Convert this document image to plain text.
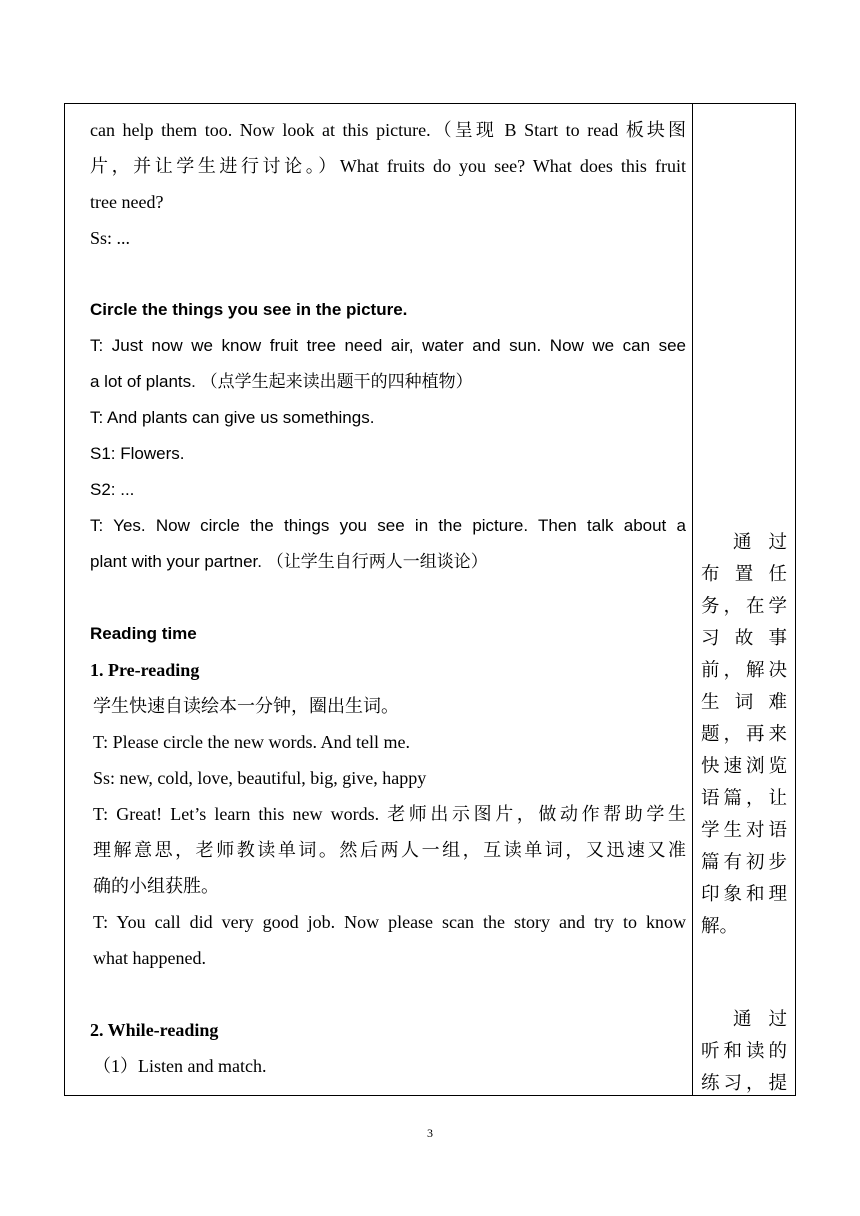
can help them too. Now look at this picture.（呈现 B Start to read 板块图
片，并让学生进行讨论。）What fruits do you see? What does this fruit
tree need?
Ss: ...
Circle the things you see in the picture.
T: Just now we know fruit tree need air, water and sun. Now we can see
a lot of plants. （点学生起来读出题干的四种植物）
T: And plants can give us somethings.
S1: Flowers.
S2: ...
T: Yes. Now circle the things you see in the picture. Then talk about a
plant with your partner. （让学生自行两人一组谈论）
Reading time
1. Pre-reading
学生快速自读绘本一分钟，圈出生词。
T: Please circle the new words. And tell me.
Ss: new, cold, love, beautiful, big, give, happy
T: Great! Let’s learn this new words. 老师出示图片，做动作帮助学生
理解意思，老师教读单词。然后两人一组，互读单词，又迅速又准
确的小组获胜。
T: You call did very good job. Now please scan the story and try to know
what happened.
2. While-reading
（1）Listen and match.
通过
布置任
务，在学
习故事
前，解决
生词难
题，再来
快速浏览
语篇，让
学生对语
篇有初步
印象和理
解。
通过
听和读的
练习，提
3
